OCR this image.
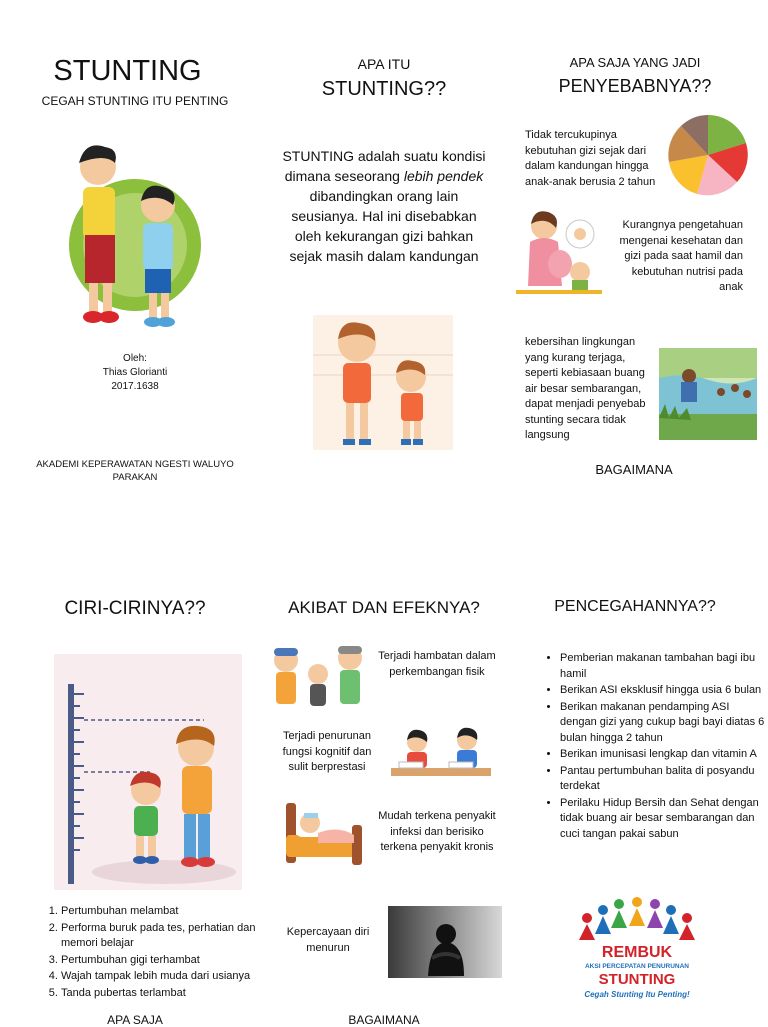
STUNTING
CEGAH STUNTING ITU PENTING
Oleh:
Thias Glorianti
2017.1638
AKADEMI KEPERAWATAN NGESTI WALUYO
PARAKAN
APA ITU
STUNTING??
STUNTING adalah suatu kondisi dimana seseorang lebih pendek dibandingkan orang lain seusianya. Hal ini disebabkan oleh kekurangan gizi bahkan sejak masih dalam kandungan
APA SAJA YANG JADI
PENYEBABNYA??
Tidak tercukupinya kebutuhan gizi sejak dari dalam kandungan hingga anak-anak berusia 2 tahun
Kurangnya pengetahuan mengenai kesehatan dan gizi pada saat hamil dan kebutuhan nutrisi pada anak
kebersihan lingkungan yang kurang terjaga, seperti kebiasaan buang air besar sembarangan, dapat menjadi penyebab stunting secara tidak langsung
BAGAIMANA
CIRI-CIRINYA??
1. Pertumbuhan melambat
2. Performa buruk pada tes, perhatian dan memori belajar
3. Pertumbuhan gigi terhambat
4. Wajah tampak lebih muda dari usianya
5. Tanda pubertas terlambat
APA SAJA
AKIBAT DAN EFEKNYA?
Terjadi hambatan dalam perkembangan fisik
Terjadi penurunan fungsi kognitif dan sulit berprestasi
Mudah terkena penyakit infeksi dan berisiko terkena penyakit kronis
Kepercayaan diri menurun
BAGAIMANA
PENCEGAHANNYA??
• Pemberian makanan tambahan bagi ibu hamil
• Berikan ASI eksklusif hingga usia 6 bulan
• Berikan makanan pendamping ASI dengan gizi yang cukup bagi bayi diatas 6 bulan hingga 2 tahun
• Berikan imunisasi lengkap dan vitamin A
• Pantau pertumbuhan balita di posyandu terdekat
• Perilaku Hidup Bersih dan Sehat dengan tidak buang air besar sembarangan dan cuci tangan pakai sabun
REMBUK
AKSI PERCEPATAN PENURUNAN
STUNTING
Cegah Stunting Itu Penting!
